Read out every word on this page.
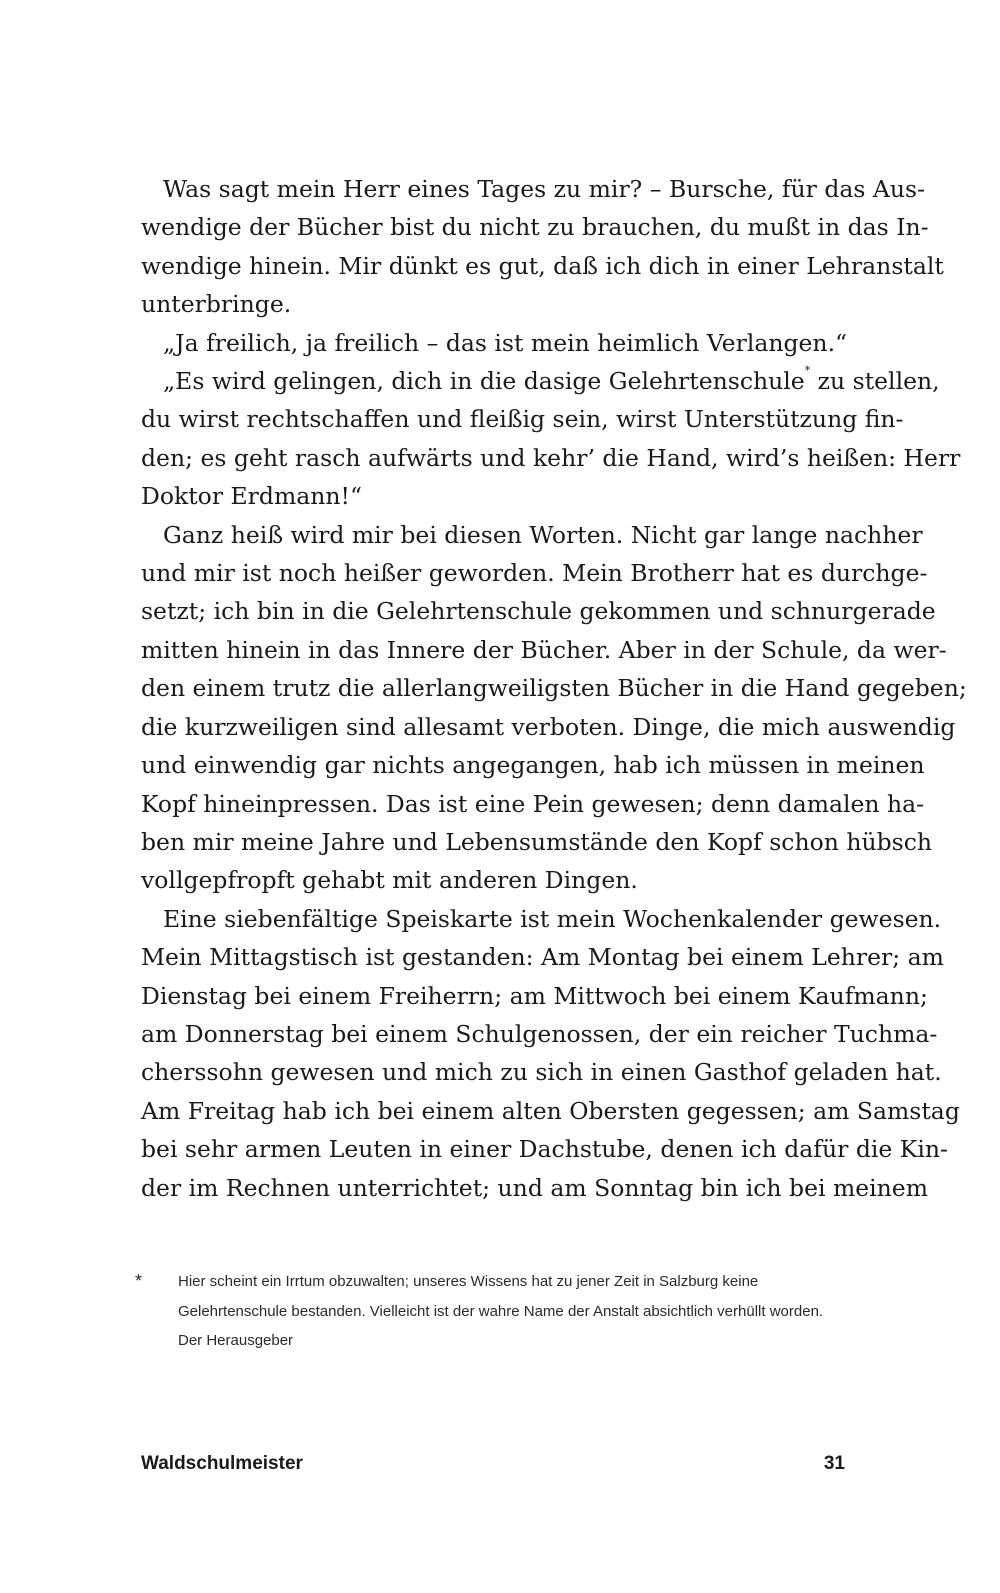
Was sagt mein Herr eines Tages zu mir? – Bursche, für das Aus-
wendige der Bücher bist du nicht zu brauchen, du mußt in das In-
wendige hinein. Mir dünkt es gut, daß ich dich in einer Lehranstalt
unterbringe.
„Ja freilich, ja freilich – das ist mein heimlich Verlangen.“
„Es wird gelingen, dich in die dasige Gelehrtenschule* zu stellen,
du wirst rechtschaffen und fleißig sein, wirst Unterstützung fin-
den; es geht rasch aufwärts und kehr’ die Hand, wird’s heißen: Herr
Doktor Erdmann!“
Ganz heiß wird mir bei diesen Worten. Nicht gar lange nachher
und mir ist noch heißer geworden. Mein Brotherr hat es durchge-
setzt; ich bin in die Gelehrtenschule gekommen und schnurgerade
mitten hinein in das Innere der Bücher. Aber in der Schule, da wer-
den einem trutz die allerlangweiligsten Bücher in die Hand gegeben;
die kurzweiligen sind allesamt verboten. Dinge, die mich auswendig
und einwendig gar nichts angegangen, hab ich müssen in meinen
Kopf hineinpressen. Das ist eine Pein gewesen; denn damalen ha-
ben mir meine Jahre und Lebensumstände den Kopf schon hübsch
vollgepfropft gehabt mit anderen Dingen.
Eine siebenfältige Speiskarte ist mein Wochenkalender gewesen.
Mein Mittagstisch ist gestanden: Am Montag bei einem Lehrer; am
Dienstag bei einem Freiherrn; am Mittwoch bei einem Kaufmann;
am Donnerstag bei einem Schulgenossen, der ein reicher Tuchma-
cherssohn gewesen und mich zu sich in einen Gasthof geladen hat.
Am Freitag hab ich bei einem alten Obersten gegessen; am Samstag
bei sehr armen Leuten in einer Dachstube, denen ich dafür die Kin-
der im Rechnen unterrichtet; und am Sonntag bin ich bei meinem
* Hier scheint ein Irrtum obzuwalten; unseres Wissens hat zu jener Zeit in Salzburg keine
Gelehrtenschule bestanden. Vielleicht ist der wahre Name der Anstalt absichtlich verhüllt worden.
Der Herausgeber
Waldschulmeister	31
